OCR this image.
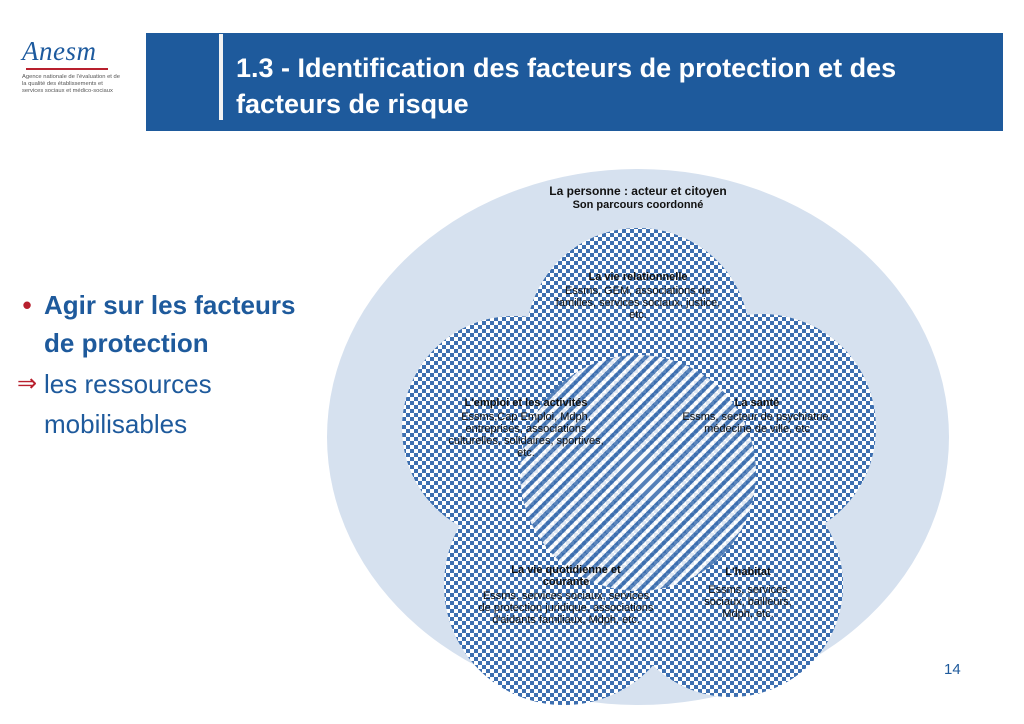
Anesm
Agence nationale de l’évaluation et de la qualité des établissements et services sociaux et médico-sociaux
1.3 - Identification des facteurs de protection et des facteurs de risque
• Agir sur les facteurs de protection
⇒ les ressources mobilisables
La personne : acteur et citoyen
Son parcours coordonné
La vie relationnelle
Essms, GEM, associations de familles, services sociaux, justice, etc.
L'emploi et les activités
Essms,Cap Emploi, Mdph, entreprises, associations culturelles, solidaires, sportives, etc.
La santé
Essms, secteur de psychiatrie, médecine de ville, etc
La vie quotidienne et courante
Essms, services sociaux, services de protection juridique, associations d'aidants familiaux, Mdph, etc.
L'habitat
Essms, services sociaux, bailleurs, Mdph, etc.
14
